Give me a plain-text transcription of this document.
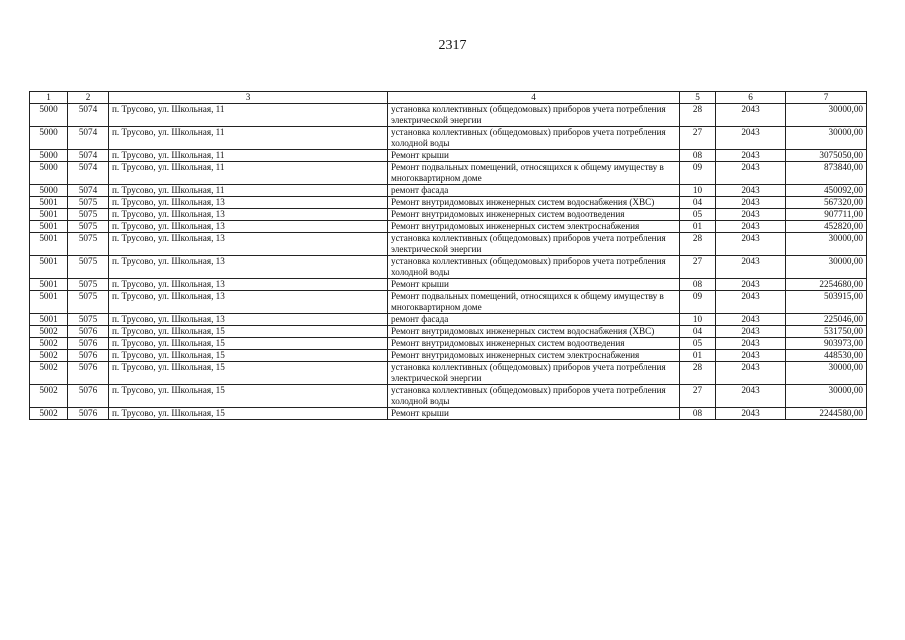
2317
1	2	3	4	5	6	7
5000	5074	п. Трусово, ул. Школьная, 11	установка коллективных (общедомовых) приборов учета потребления электрической энергии	28	2043	30000,00
5000	5074	п. Трусово, ул. Школьная, 11	установка коллективных (общедомовых) приборов учета потребления холодной воды	27	2043	30000,00
5000	5074	п. Трусово, ул. Школьная, 11	Ремонт крыши	08	2043	3075050,00
5000	5074	п. Трусово, ул. Школьная, 11	Ремонт подвальных помещений, относящихся к общему имуществу в многоквартирном доме	09	2043	873840,00
5000	5074	п. Трусово, ул. Школьная, 11	ремонт фасада	10	2043	450092,00
5001	5075	п. Трусово, ул. Школьная, 13	Ремонт внутридомовых инженерных систем водоснабжения (ХВС)	04	2043	567320,00
5001	5075	п. Трусово, ул. Школьная, 13	Ремонт внутридомовых инженерных систем водоотведения	05	2043	907711,00
5001	5075	п. Трусово, ул. Школьная, 13	Ремонт внутридомовых инженерных систем электроснабжения	01	2043	452820,00
5001	5075	п. Трусово, ул. Школьная, 13	установка коллективных (общедомовых) приборов учета потребления электрической энергии	28	2043	30000,00
5001	5075	п. Трусово, ул. Школьная, 13	установка коллективных (общедомовых) приборов учета потребления холодной воды	27	2043	30000,00
5001	5075	п. Трусово, ул. Школьная, 13	Ремонт крыши	08	2043	2254680,00
5001	5075	п. Трусово, ул. Школьная, 13	Ремонт подвальных помещений, относящихся к общему имуществу в многоквартирном доме	09	2043	503915,00
5001	5075	п. Трусово, ул. Школьная, 13	ремонт фасада	10	2043	225046,00
5002	5076	п. Трусово, ул. Школьная, 15	Ремонт внутридомовых инженерных систем водоснабжения (ХВС)	04	2043	531750,00
5002	5076	п. Трусово, ул. Школьная, 15	Ремонт внутридомовых инженерных систем водоотведения	05	2043	903973,00
5002	5076	п. Трусово, ул. Школьная, 15	Ремонт внутридомовых инженерных систем электроснабжения	01	2043	448530,00
5002	5076	п. Трусово, ул. Школьная, 15	установка коллективных (общедомовых) приборов учета потребления электрической энергии	28	2043	30000,00
5002	5076	п. Трусово, ул. Школьная, 15	установка коллективных (общедомовых) приборов учета потребления холодной воды	27	2043	30000,00
5002	5076	п. Трусово, ул. Школьная, 15	Ремонт крыши	08	2043	2244580,00
